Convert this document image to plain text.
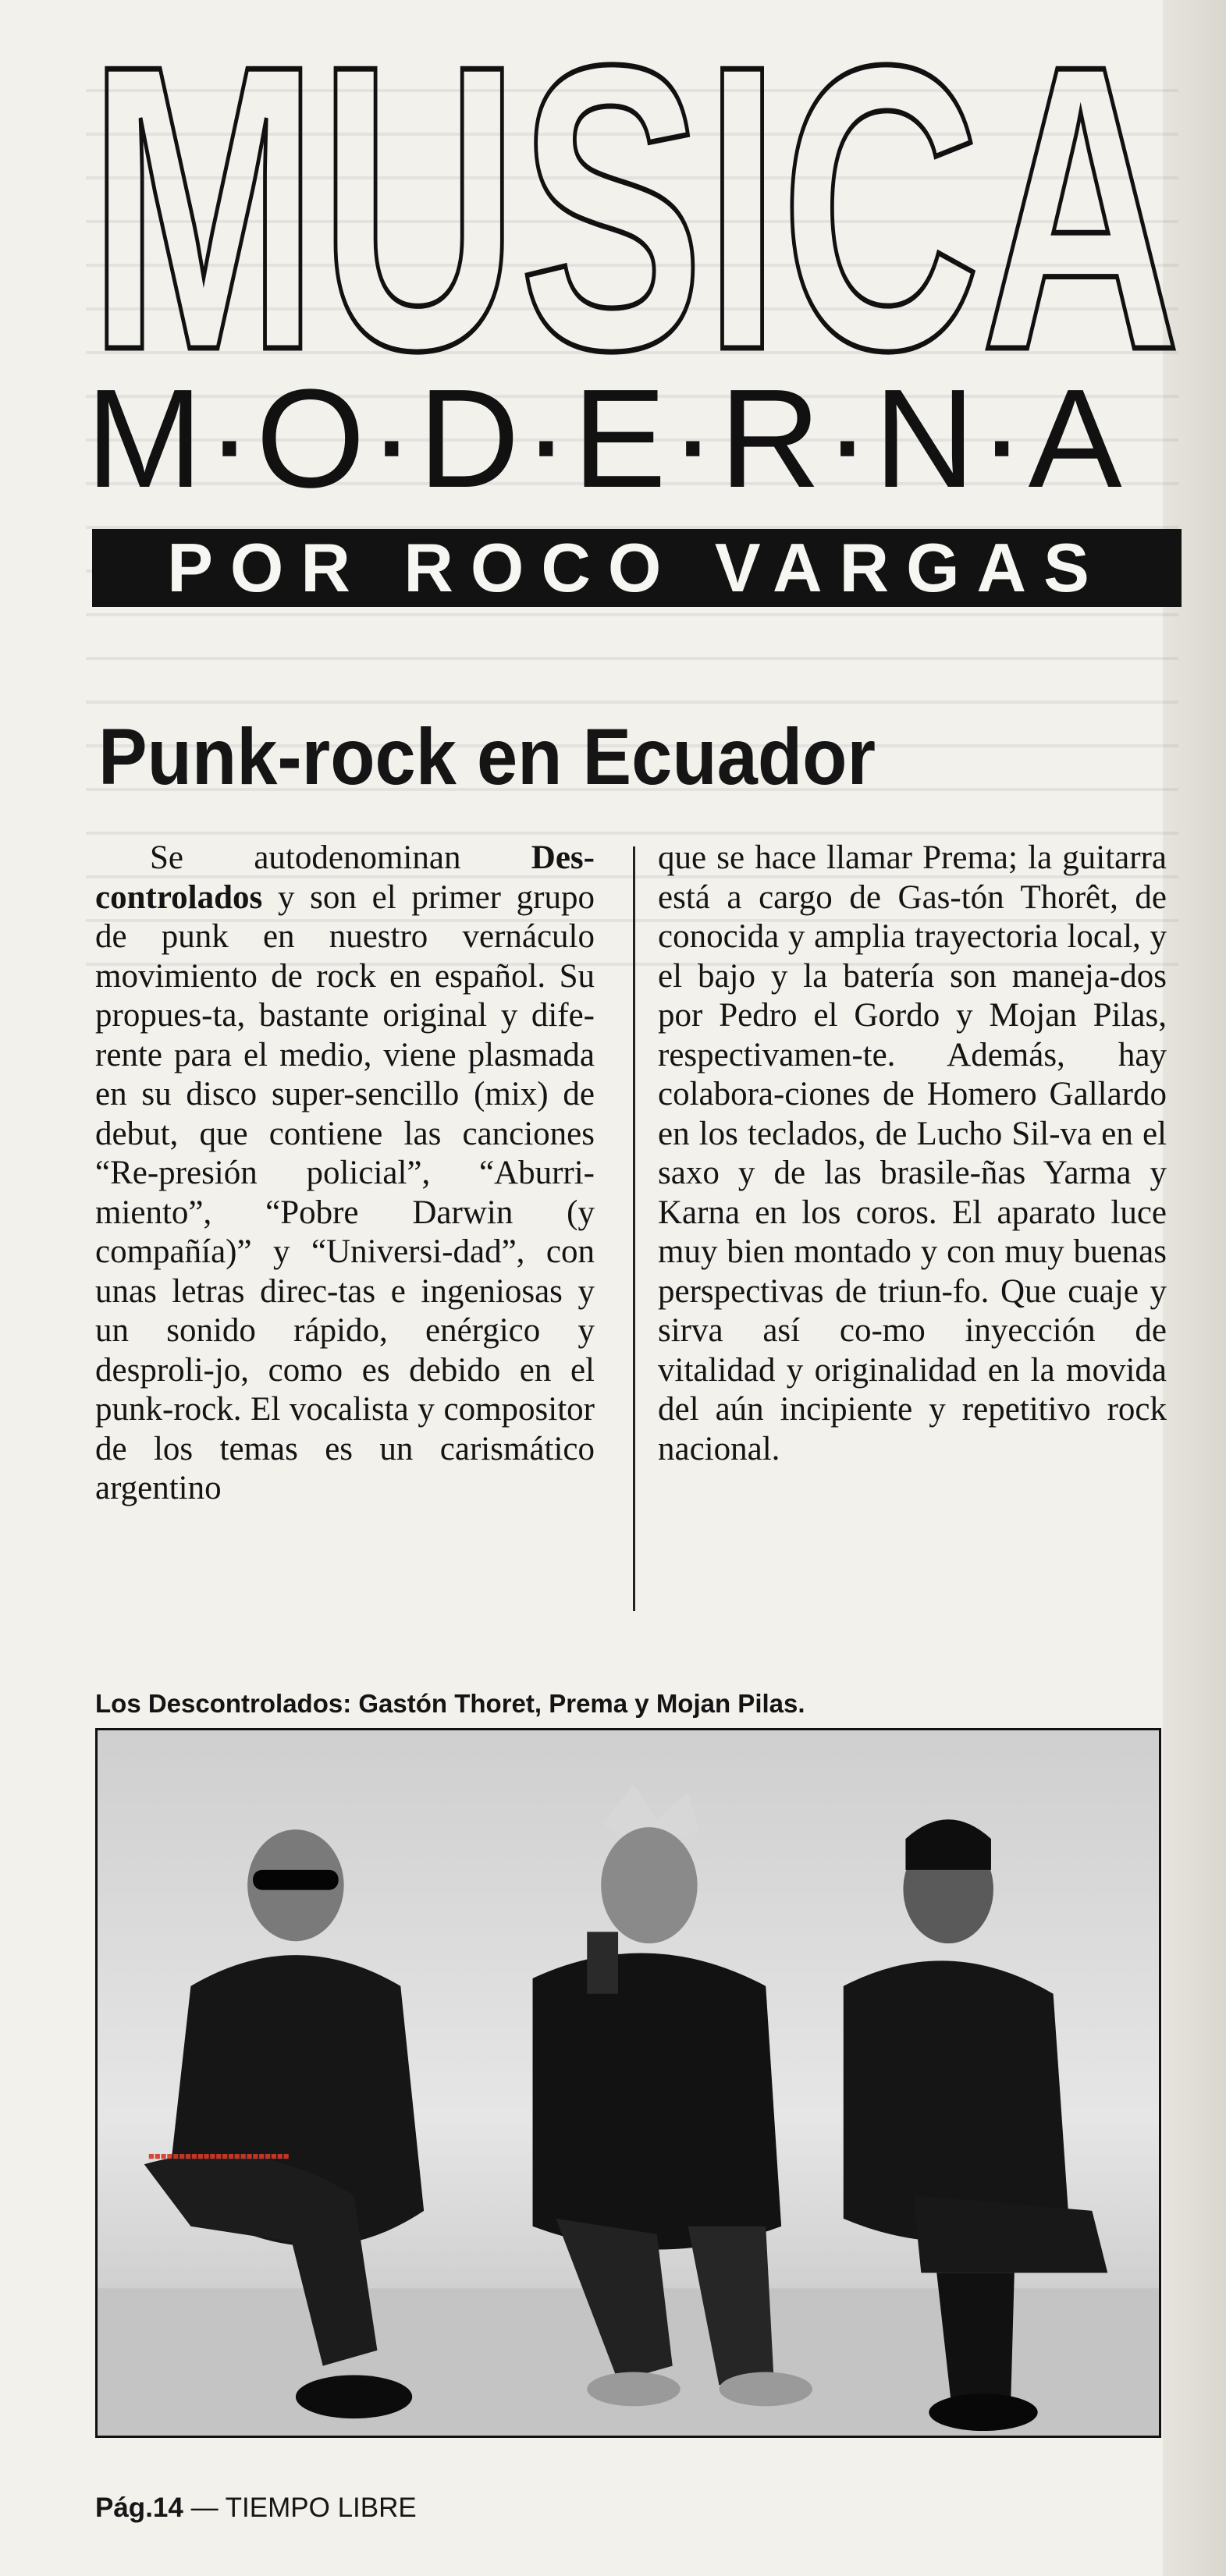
MUSICA
M·O·D·E·R·N·A
POR ROCO VARGAS
Punk-rock en Ecuador

Se autodenominan Des-controlados y son el primer grupo de punk en nuestro vernáculo movimiento de rock en español. Su propues-ta, bastante original y dife-rente para el medio, viene plasmada en su disco super-sencillo (mix) de debut, que contiene las canciones “Re-presión policial”, “Aburri-miento”, “Pobre Darwin (y compañía)” y “Universi-dad”, con unas letras direc-tas e ingeniosas y un sonido rápido, enérgico y desproli-jo, como es debido en el punk-rock. El vocalista y compositor de los temas es un carismático argentino

que se hace llamar Prema; la guitarra está a cargo de Gas-tón Thorêt, de conocida y amplia trayectoria local, y el bajo y la batería son maneja-dos por Pedro el Gordo y Mojan Pilas, respectivamen-te. Además, hay colabora-ciones de Homero Gallardo en los teclados, de Lucho Sil-va en el saxo y de las brasile-ñas Yarma y Karna en los coros. El aparato luce muy bien montado y con muy buenas perspectivas de triun-fo. Que cuaje y sirva así co-mo inyección de vitalidad y originalidad en la movida del aún incipiente y repetitivo rock nacional.

Los Descontrolados: Gastón Thoret, Prema y Mojan Pilas.
■■■■■■■■■■■■■■■■■■■■■■■
Pág.14 — TIEMPO LIBRE
